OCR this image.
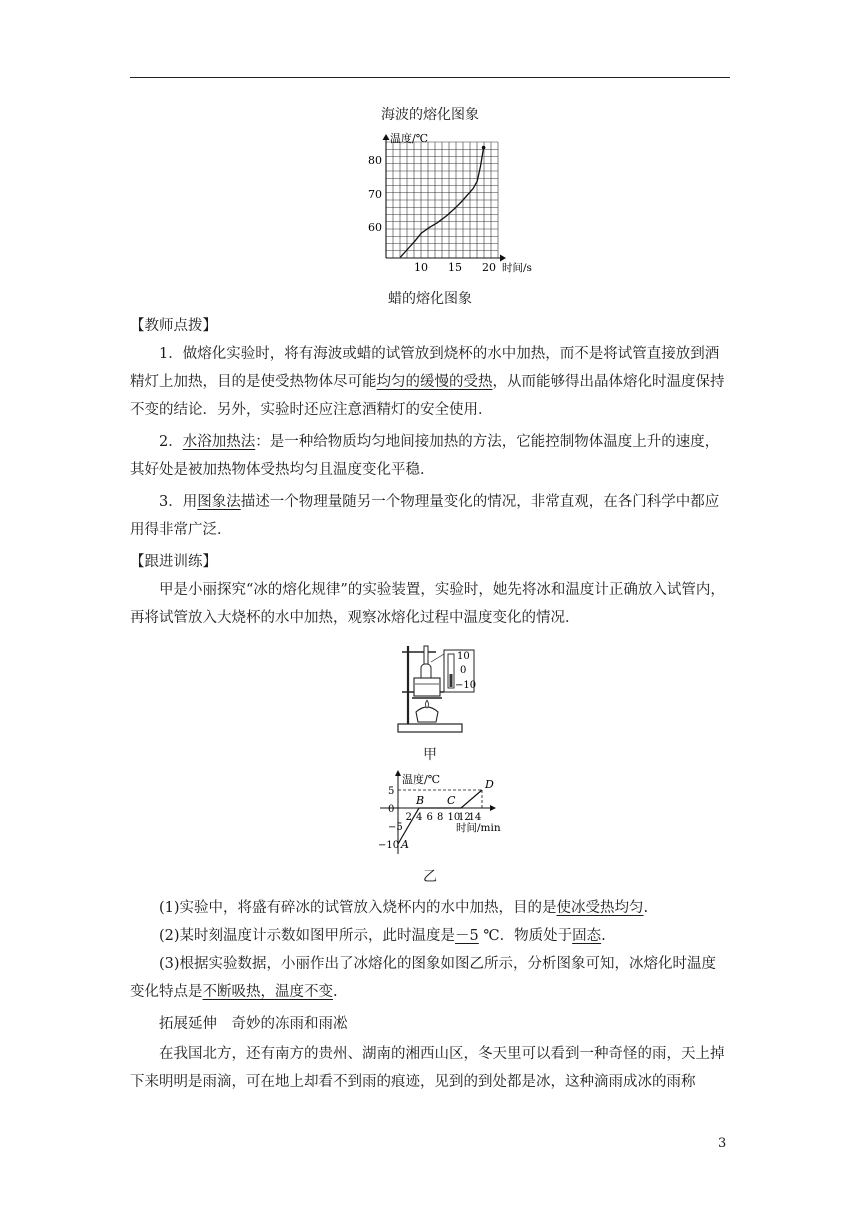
海波的熔化图象
温度/℃
时间/s
60
70
80
10 15 20
蜡的熔化图象
【教师点拨】
1．做熔化实验时，将有海波或蜡的试管放到烧杯的水中加热，而不是将试管直接放到酒精灯上加热，目的是使受热物体尽可能均匀的缓慢的受热，从而能够得出晶体熔化时温度保持不变的结论．另外，实验时还应注意酒精灯的安全使用．
2．水浴加热法：是一种给物质均匀地间接加热的方法，它能控制物体温度上升的速度，其好处是被加热物体受热均匀且温度变化平稳．
3．用图象法描述一个物理量随另一个物理量变化的情况，非常直观，在各门科学中都应用得非常广泛．
【跟进训练】
甲是小丽探究“冰的熔化规律”的实验装置，实验时，她先将冰和温度计正确放入试管内，再将试管放入大烧杯的水中加热，观察冰熔化过程中温度变化的情况．
10
0
−10
甲
温度/℃
时间/min
2 4 6 8 10
12
14
5
0
−5
−10 A
B C
D
乙
(1)实验中，将盛有碎冰的试管放入烧杯内的水中加热，目的是使冰受热均匀.
(2)某时刻温度计示数如图甲所示，此时温度是－5 ℃．物质处于固态.
(3)根据实验数据，小丽作出了冰熔化的图象如图乙所示，分析图象可知，冰熔化时温度变化特点是不断吸热，温度不变.
拓展延伸　奇妙的冻雨和雨凇
在我国北方，还有南方的贵州、湖南的湘西山区，冬天里可以看到一种奇怪的雨，天上掉下来明明是雨滴，可在地上却看不到雨的痕迹，见到的到处都是冰，这种滴雨成冰的雨称
3
